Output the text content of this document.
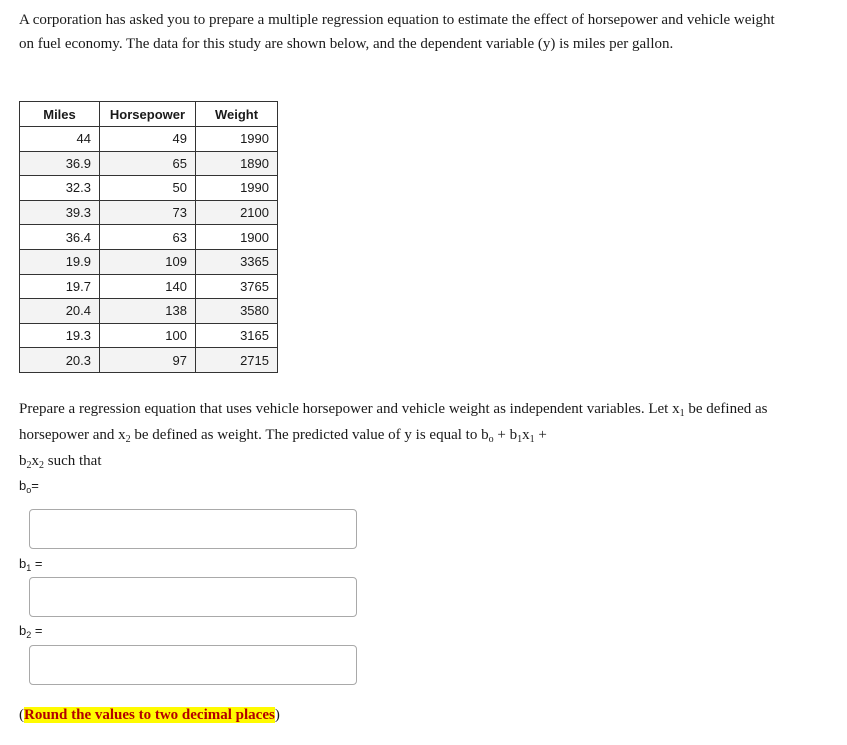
A corporation has asked you to prepare a multiple regression equation to estimate the effect of horsepower and vehicle weight on fuel economy. The data for this study are shown below, and the dependent variable (y) is miles per gallon.
Miles	Horsepower	Weight
44	49	1990
36.9	65	1890
32.3	50	1990
39.3	73	2100
36.4	63	1900
19.9	109	3365
19.7	140	3765
20.4	138	3580
19.3	100	3165
20.3	97	2715
Prepare a regression equation that uses vehicle horsepower and vehicle weight as independent variables. Let $x_1$ be defined as horsepower and $x_2$ be defined as weight. The predicted value of y is equal to $b_o + b_1x_1$ +
$b_2x_2$ such that
$b_o=$
$b_1$ =
$b_2$ =
(Round the values to two decimal places)
